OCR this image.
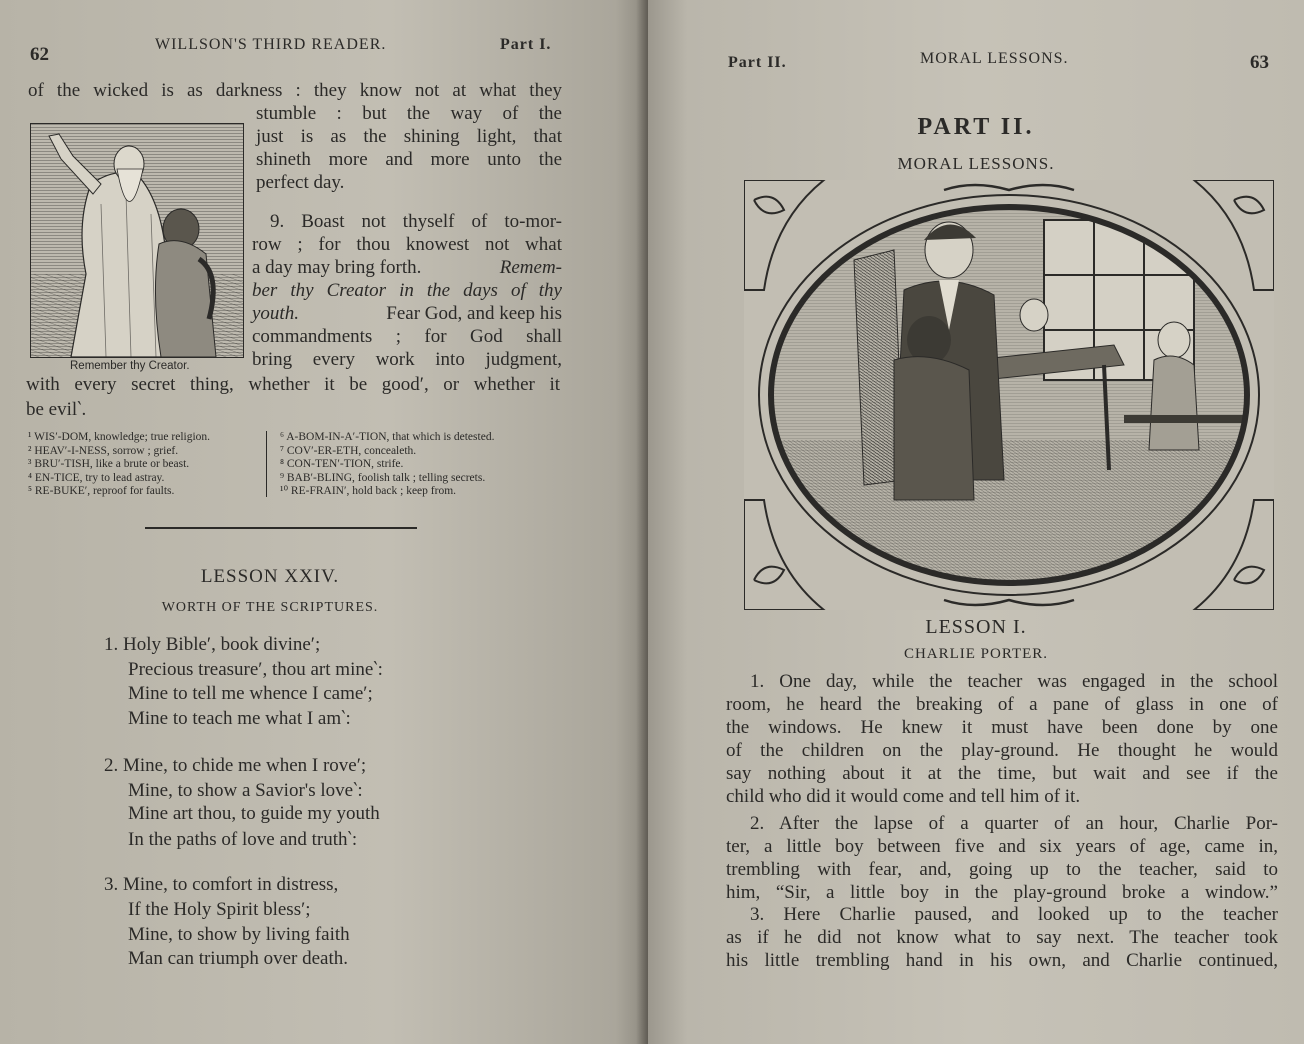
62	WILLSON'S THIRD READER.	Part I.
of the wicked is as darkness : they know not at what they
Remember thy Creator.
stumble : but the way of the
just is as the shining light, that
shineth more and more unto the
perfect day.
9. Boast not thyself of to-mor-
row ; for thou knowest not what
a day may bring forth.	Remem-
ber thy Creator in the days of thy
youth.	Fear God, and keep his
commandments ; for God shall
bring every work into judgment,
with every secret thing, whether it be good′, or whether it
be evil‵.
¹ WIS′-DOM, knowledge; true religion.
² HEAV′-I-NESS, sorrow ; grief.
³ BRU′-TISH, like a brute or beast.
⁴ EN-TICE, try to lead astray.
⁵ RE-BUKE′, reproof for faults.
⁶ A-BOM-IN-A′-TION, that which is detested.
⁷ COV′-ER-ETH, concealeth.
⁸ CON-TEN′-TION, strife.
⁹ BAB′-BLING, foolish talk ; telling secrets.
¹⁰ RE-FRAIN′, hold back ; keep from.
LESSON XXIV.
WORTH OF THE SCRIPTURES.
1. Holy Bible′, book divine′;
Precious treasure′, thou art mine‵:
Mine to tell me whence I came′;
Mine to teach me what I am‵:
2. Mine, to chide me when I rove′;
Mine, to show a Savior's love‵:
Mine art thou, to guide my youth
In the paths of love and truth‵:
3. Mine, to comfort in distress,
If the Holy Spirit bless′;
Mine, to show by living faith
Man can triumph over death.
Part II.	MORAL LESSONS.	63
PART II.
MORAL LESSONS.
LESSON I.
CHARLIE PORTER.
1. One day, while the teacher was engaged in the school
room, he heard the breaking of a pane of glass in one of
the windows. He knew it must have been done by one
of the children on the play-ground. He thought he would
say nothing about it at the time, but wait and see if the
child who did it would come and tell him of it.
2. After the lapse of a quarter of an hour, Charlie Por-
ter, a little boy between five and six years of age, came in,
trembling with fear, and, going up to the teacher, said to
him, “Sir, a little boy in the play-ground broke a window.”
3. Here Charlie paused, and looked up to the teacher
as if he did not know what to say next. The teacher took
his little trembling hand in his own, and Charlie continued,
